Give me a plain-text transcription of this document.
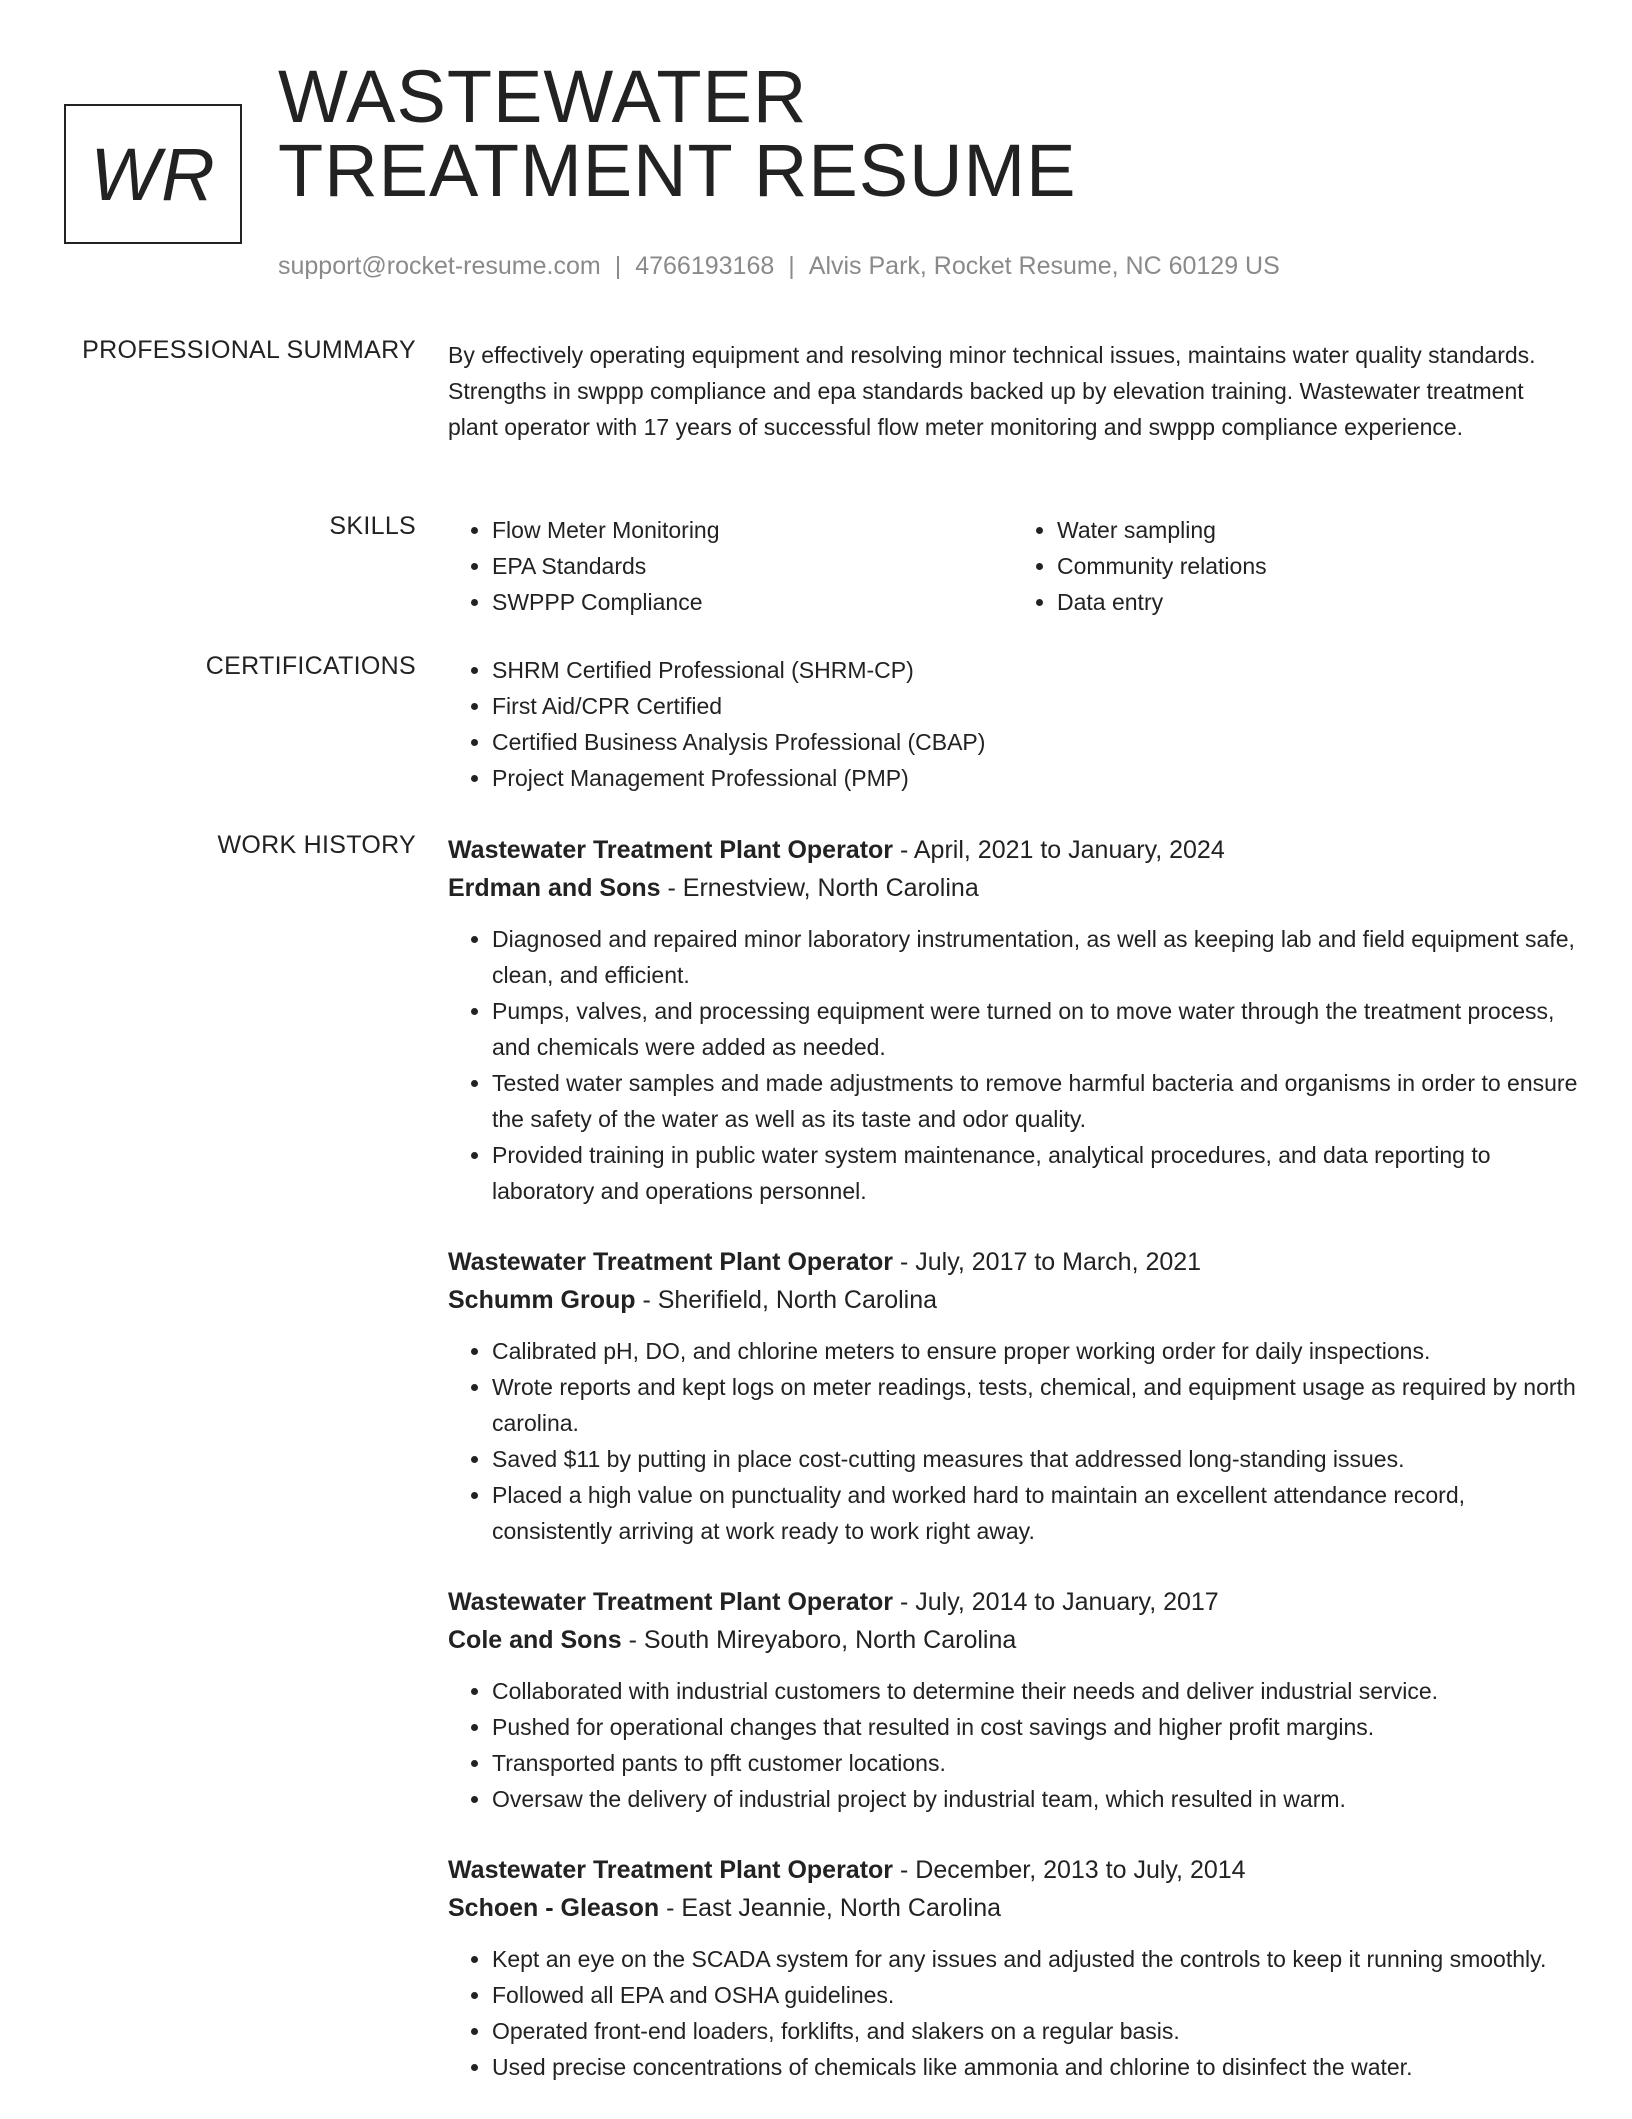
WR
WASTEWATER
TREATMENT RESUME
support@rocket-resume.com | 4766193168 | Alvis Park, Rocket Resume, NC 60129 US
PROFESSIONAL SUMMARY By effectively operating equipment and resolving minor technical issues, maintains water quality standards. Strengths in swppp compliance and epa standards backed up by elevation training. Wastewater treatment plant operator with 17 years of successful flow meter monitoring and swppp compliance experience.
SKILLS	• Flow Meter Monitoring
• EPA Standards
• SWPPP Compliance
• Water sampling
• Community relations
• Data entry
CERTIFICATIONS	• SHRM Certified Professional (SHRM-CP)
• First Aid/CPR Certified
• Certified Business Analysis Professional (CBAP)
• Project Management Professional (PMP)
WORK HISTORY Wastewater Treatment Plant Operator - April, 2021 to January, 2024
Erdman and Sons - Ernestview, North Carolina
• Diagnosed and repaired minor laboratory instrumentation, as well as keeping lab and field equipment safe, clean, and efficient.
• Pumps, valves, and processing equipment were turned on to move water through the treatment process, and chemicals were added as needed.
• Tested water samples and made adjustments to remove harmful bacteria and organisms in order to ensure the safety of the water as well as its taste and odor quality.
• Provided training in public water system maintenance, analytical procedures, and data reporting to laboratory and operations personnel.
Wastewater Treatment Plant Operator - July, 2017 to March, 2021
Schumm Group - Sherifield, North Carolina
• Calibrated pH, DO, and chlorine meters to ensure proper working order for daily inspections.
• Wrote reports and kept logs on meter readings, tests, chemical, and equipment usage as required by north carolina.
• Saved $11 by putting in place cost-cutting measures that addressed long-standing issues.
• Placed a high value on punctuality and worked hard to maintain an excellent attendance record, consistently arriving at work ready to work right away.
Wastewater Treatment Plant Operator - July, 2014 to January, 2017
Cole and Sons - South Mireyaboro, North Carolina
• Collaborated with industrial customers to determine their needs and deliver industrial service.
• Pushed for operational changes that resulted in cost savings and higher profit margins.
• Transported pants to pfft customer locations.
• Oversaw the delivery of industrial project by industrial team, which resulted in warm.
Wastewater Treatment Plant Operator - December, 2013 to July, 2014
Schoen - Gleason - East Jeannie, North Carolina
• Kept an eye on the SCADA system for any issues and adjusted the controls to keep it running smoothly.
• Followed all EPA and OSHA guidelines.
• Operated front-end loaders, forklifts, and slakers on a regular basis.
• Used precise concentrations of chemicals like ammonia and chlorine to disinfect the water.
